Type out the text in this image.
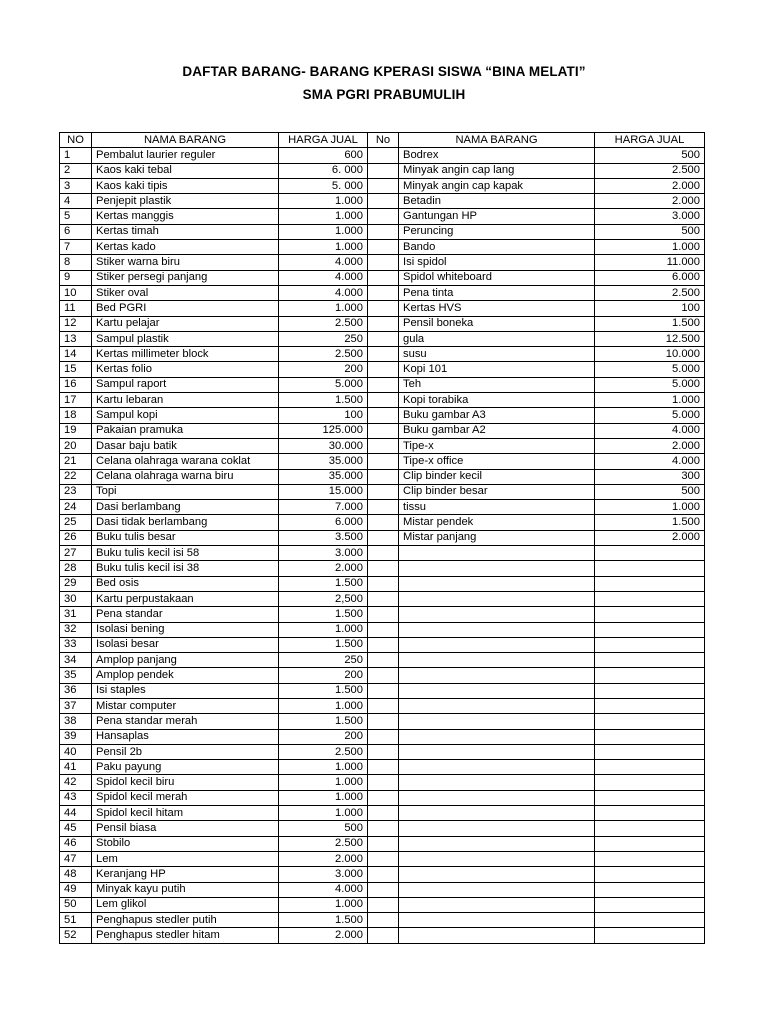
DAFTAR BARANG- BARANG KPERASI SISWA “BINA MELATI”
SMA PGRI PRABUMULIH
NO	NAMA BARANG	HARGA JUAL	No	NAMA BARANG	HARGA JUAL
1	Pembalut laurier reguler	600		Bodrex	500
2	Kaos kaki tebal	6. 000		Minyak angin cap lang	2.500
3	Kaos kaki tipis	5. 000		Minyak angin cap kapak	2.000
4	Penjepit plastik	1.000		Betadin	2.000
5	Kertas manggis	1.000		Gantungan HP	3.000
6	Kertas timah	1.000		Peruncing	500
7	Kertas kado	1.000		Bando	1.000
8	Stiker warna biru	4.000		Isi spidol	11.000
9	Stiker persegi panjang	4.000		Spidol whiteboard	6.000
10	Stiker oval	4.000		Pena tinta	2.500
11	Bed PGRI	1.000		Kertas HVS	100
12	Kartu pelajar	2.500		Pensil boneka	1.500
13	Sampul plastik	250		gula	12.500
14	Kertas millimeter block	2.500		susu	10.000
15	Kertas folio	200		Kopi 101	5.000
16	Sampul raport	5.000		Teh	5.000
17	Kartu lebaran	1.500		Kopi torabika	1.000
18	Sampul kopi	100		Buku gambar A3	5.000
19	Pakaian pramuka	125.000		Buku gambar A2	4.000
20	Dasar baju batik	30.000		Tipe-x	2.000
21	Celana olahraga warana coklat	35.000		Tipe-x office	4.000
22	Celana olahraga warna biru	35.000		Clip binder kecil	300
23	Topi	15.000		Clip binder besar	500
24	Dasi berlambang	7.000		tissu	1.000
25	Dasi tidak berlambang	6.000		Mistar pendek	1.500
26	Buku tulis besar	3.500		Mistar panjang	2.000
27	Buku tulis kecil isi 58	3.000			
28	Buku tulis kecil isi 38	2.000			
29	Bed osis	1.500			
30	Kartu perpustakaan	2,500			
31	Pena standar	1.500			
32	Isolasi bening	1.000			
33	Isolasi besar	1.500			
34	Amplop panjang	250			
35	Amplop pendek	200			
36	Isi staples	1.500			
37	Mistar computer	1.000			
38	Pena standar merah	1.500			
39	Hansaplas	200			
40	Pensil 2b	2.500			
41	Paku payung	1.000			
42	Spidol kecil biru	1.000			
43	Spidol kecil merah	1.000			
44	Spidol kecil hitam	1.000			
45	Pensil biasa	500			
46	Stobilo	2.500			
47	Lem	2.000			
48	Keranjang HP	3.000			
49	Minyak kayu putih	4.000			
50	Lem glikol	1.000			
51	Penghapus stedler putih	1.500			
52	Penghapus stedler hitam	2.000			
